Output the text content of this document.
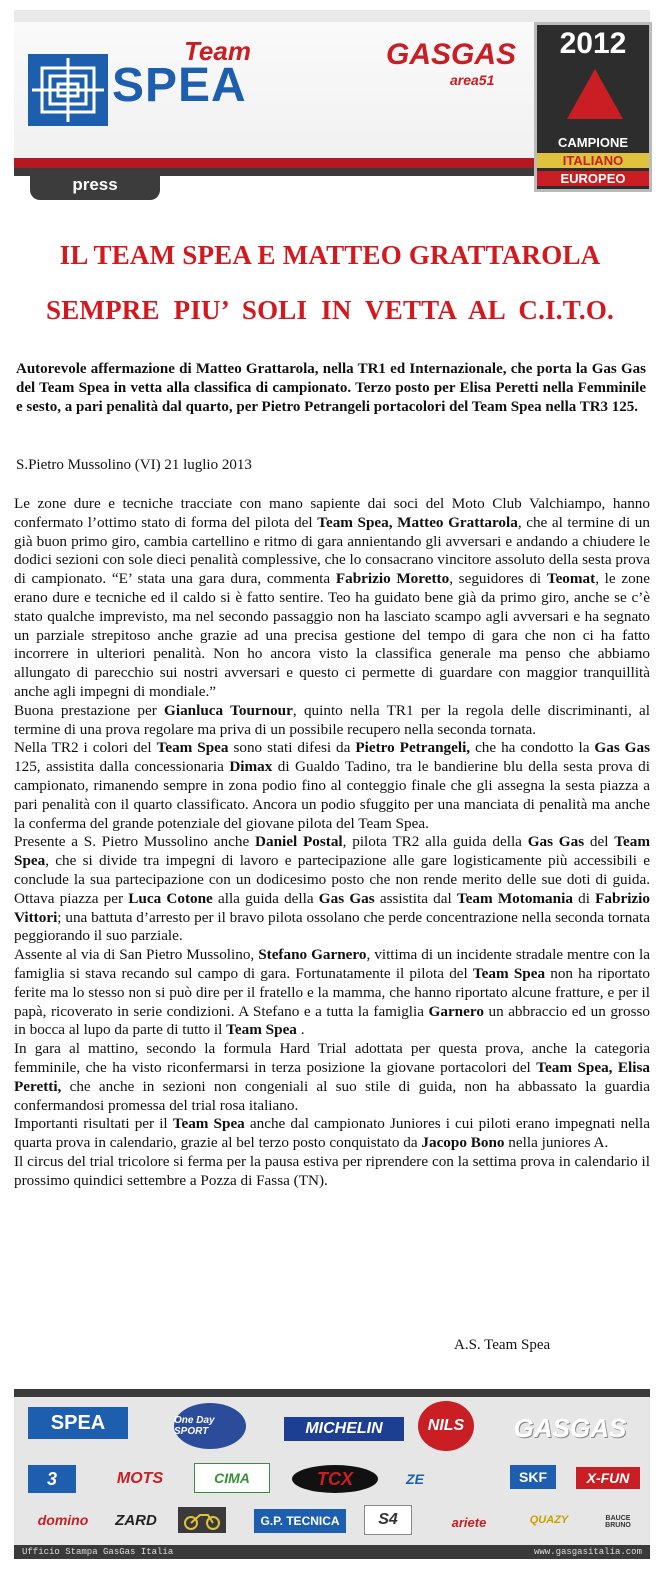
SPEA
Team	GASGAS
area51
2012
CAMPIONE
ITALIANO
EUROPEO
press
IL TEAM SPEA E MATTEO GRATTAROLA
SEMPRE PIU’ SOLI IN VETTA AL C.I.T.O.
Autorevole affermazione di Matteo Grattarola, nella TR1 ed Internazionale, che porta la Gas Gas del Team Spea in vetta alla classifica di campionato. Terzo posto per Elisa Peretti nella Femminile e sesto, a pari penalità dal quarto, per Pietro Petrangeli portacolori del Team Spea nella TR3 125.
S.Pietro Mussolino (VI) 21 luglio 2013

Le zone dure e tecniche tracciate con mano sapiente dai soci del Moto Club Valchiampo, hanno confermato l’ottimo stato di forma del pilota del Team Spea, Matteo Grattarola, che al termine di un già buon primo giro, cambia cartellino e ritmo di gara annientando gli avversari e andando a chiudere le dodici sezioni con sole dieci penalità complessive, che lo consacrano vincitore assoluto della sesta prova di campionato. “E’ stata una gara dura, commenta Fabrizio Moretto, seguidores di Teomat, le zone erano dure e tecniche ed il caldo si è fatto sentire. Teo ha guidato bene già da primo giro, anche se c’è stato qualche imprevisto, ma nel secondo passaggio non ha lasciato scampo agli avversari e ha segnato un parziale strepitoso anche grazie ad una precisa gestione del tempo di gara che non ci ha fatto incorrere in ulteriori penalità. Non ho ancora visto la classifica generale ma penso che abbiamo allungato di parecchio sui nostri avversari e questo ci permette di guardare con maggior tranquillità anche agli impegni di mondiale.”

Buona prestazione per Gianluca Tournour, quinto nella TR1 per la regola delle discriminanti, al termine di una prova regolare ma priva di un possibile recupero nella seconda tornata.

Nella TR2 i colori del Team Spea sono stati difesi da Pietro Petrangeli, che ha condotto la Gas Gas 125, assistita dalla concessionaria Dimax di Gualdo Tadino, tra le bandierine blu della sesta prova di campionato, rimanendo sempre in zona podio fino al conteggio finale che gli assegna la sesta piazza a pari penalità con il quarto classificato. Ancora un podio sfuggito per una manciata di penalità ma anche la conferma del grande potenziale del giovane pilota del Team Spea.

Presente a S. Pietro Mussolino anche Daniel Postal, pilota TR2 alla guida della Gas Gas del Team Spea, che si divide tra impegni di lavoro e partecipazione alle gare logisticamente più accessibili e conclude la sua partecipazione con un dodicesimo posto che non rende merito delle sue doti di guida. Ottava piazza per Luca Cotone alla guida della Gas Gas assistita dal Team Motomania di Fabrizio Vittori; una battuta d’arresto per il bravo pilota ossolano che perde concentrazione nella seconda tornata peggiorando il suo parziale.

Assente al via di San Pietro Mussolino, Stefano Garnero, vittima di un incidente stradale mentre con la famiglia si stava recando sul campo di gara. Fortunatamente il pilota del Team Spea non ha riportato ferite ma lo stesso non si può dire per il fratello e la mamma, che hanno riportato alcune fratture, e per il papà, ricoverato in serie condizioni. A Stefano e a tutta la famiglia Garnero un abbraccio ed un grosso in bocca al lupo da parte di tutto il Team Spea .

In gara al mattino, secondo la formula Hard Trial adottata per questa prova, anche la categoria femminile, che ha visto riconfermarsi in terza posizione la giovane portacolori del Team Spea, Elisa Peretti, che anche in sezioni non congeniali al suo stile di guida, non ha abbassato la guardia confermandosi promessa del trial rosa italiano.

Importanti risultati per il Team Spea anche dal campionato Juniores i cui piloti erano impegnati nella quarta prova in calendario, grazie al bel terzo posto conquistato da Jacopo Bono nella juniores A.

Il circus del trial tricolore si ferma per la pausa estiva per riprendere con la settima prova in calendario il prossimo quindici settembre a Pozza di Fassa (TN).

A.S. Team Spea
SPEA	One Day SPORT	MICHELIN	NILS	GASGAS
3	MOTS	CIMA	TCX	ZE	SKF	X-FUN
domino	ZARD	G.P. TECNICA	S4	ariete	QUAZY	BAUCE BRUNO
Ufficio Stampa GasGas Italia	www.gasgasitalia.com
